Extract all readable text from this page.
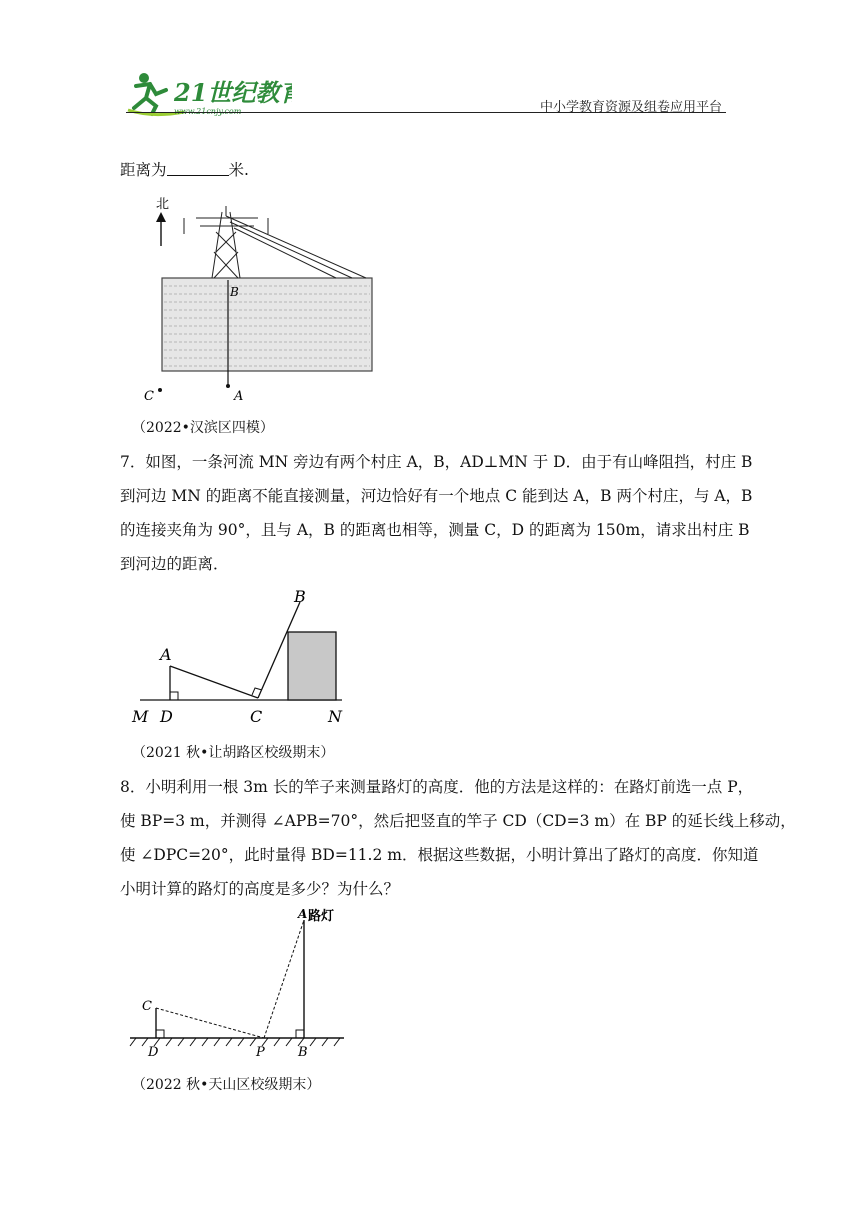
21世纪教育
www.21cnjy.com	中小学教育资源及组卷应用平台
距离为	米.
北
B
A
C
（2022•汉滨区四模）
7．如图，一条河流 MN 旁边有两个村庄 A，B，AD⊥MN 于 D．由于有山峰阻挡，村庄 B
到河边 MN 的距离不能直接测量，河边恰好有一个地点 C 能到达 A，B 两个村庄，与 A，B
的连接夹角为 90°，且与 A，B 的距离也相等，测量 C，D 的距离为 150m，请求出村庄 B
到河边的距离．
A
B
M D	C	N
（2021 秋•让胡路区校级期末）
8．小明利用一根 3m 长的竿子来测量路灯的高度．他的方法是这样的：在路灯前选一点 P，
使 BP=3 m，并测得 ∠APB=70°，然后把竖直的竿子 CD（CD=3 m）在 BP 的延长线上移动，
使 ∠DPC=20°，此时量得 BD=11.2 m．根据这些数据，小明计算出了路灯的高度．你知道
小明计算的路灯的高度是多少？为什么？
A 路灯
C
D	P	B
（2022 秋•天山区校级期末）
